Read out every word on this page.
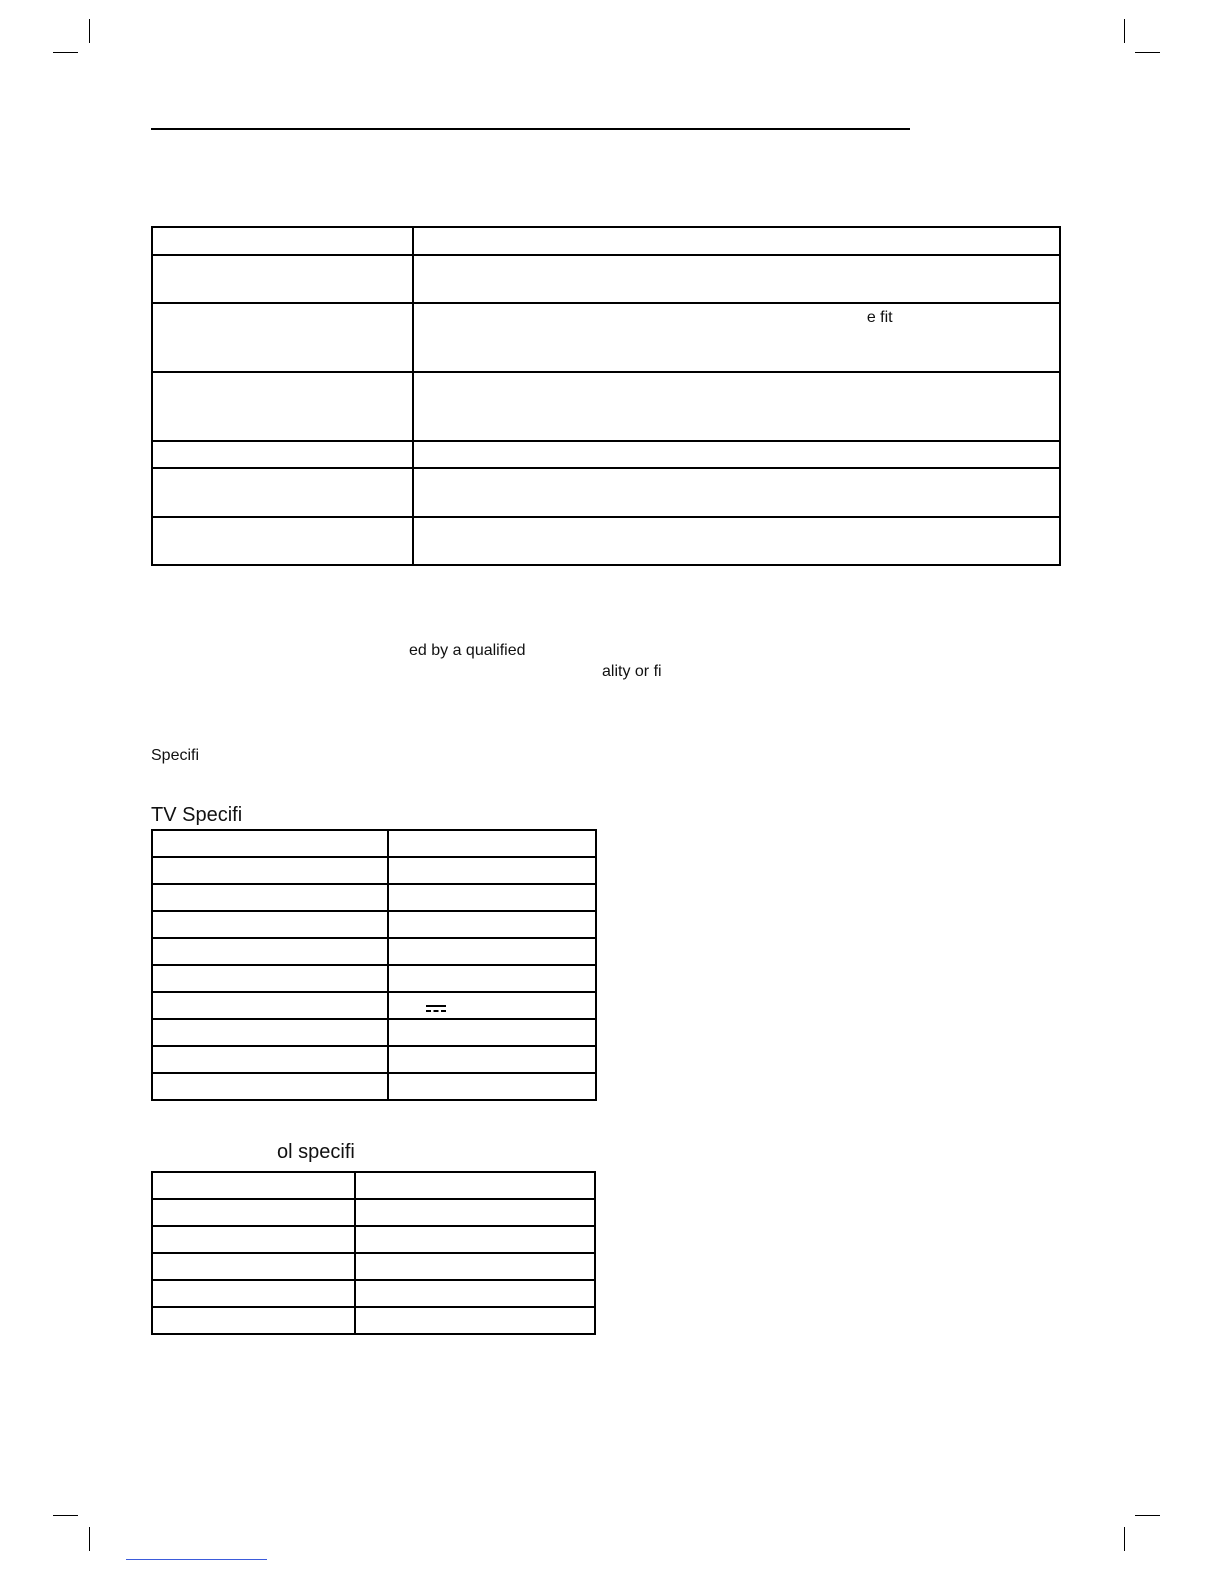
	e fit

ed by a qualified
ality or fi
Specifi
TV Specifi

ol specifi
